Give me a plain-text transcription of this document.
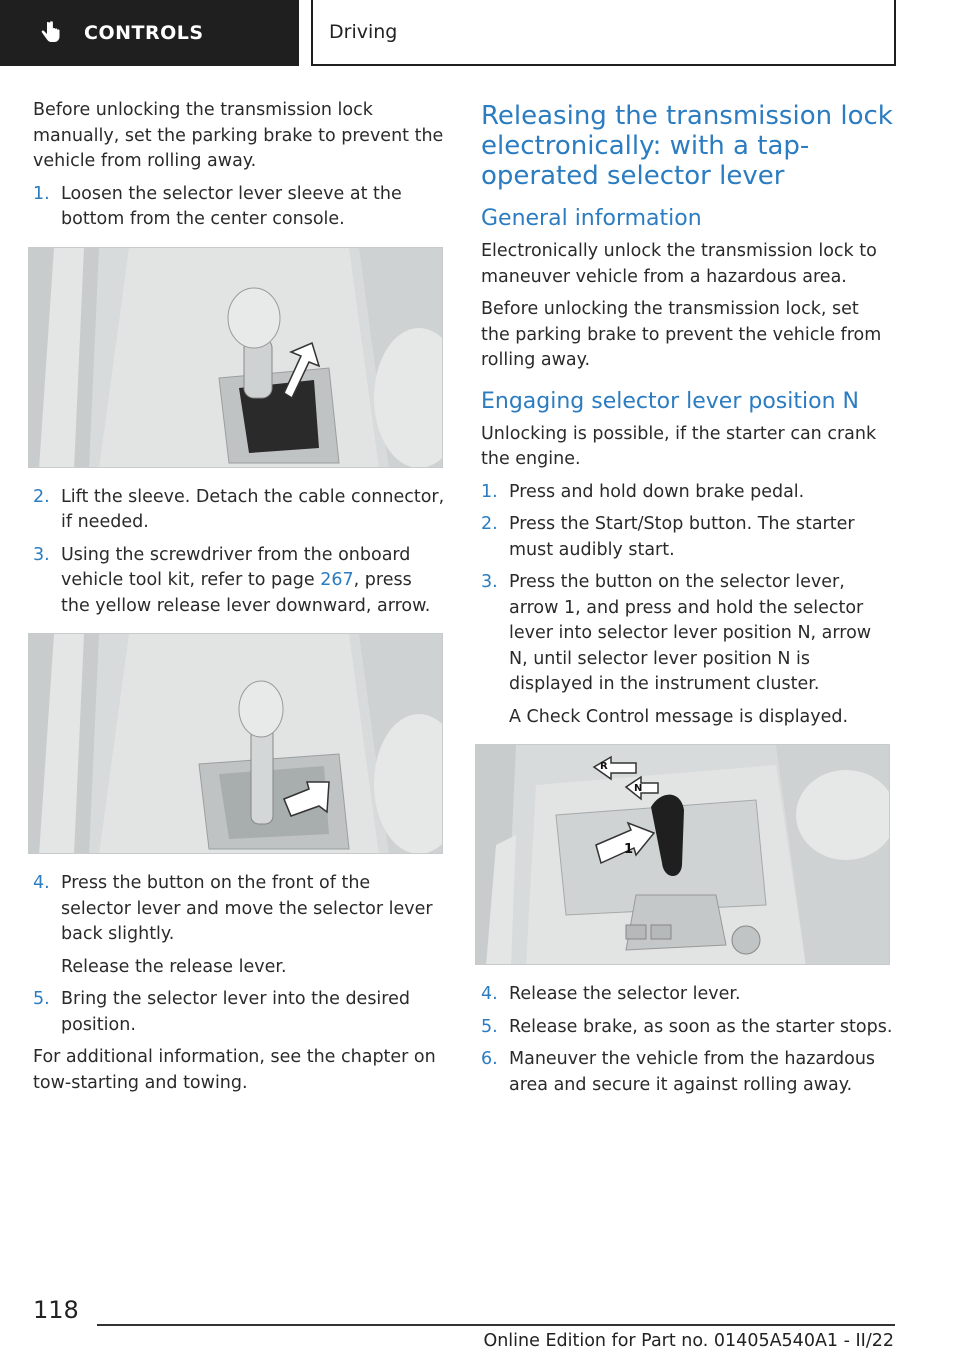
CONTROLS	Driving

Before unlocking the transmission lock manually, set the parking brake to prevent the vehicle from rolling away.

1. Loosen the selector lever sleeve at the bottom from the center console.
2. Lift the sleeve. Detach the cable connector, if needed.
3. Using the screwdriver from the onboard vehicle tool kit, refer to page 267, press the yellow release lever downward, arrow.
4. Press the button on the front of the selector lever and move the selector lever back slightly.

Release the release lever.

5. Bring the selector lever into the desired position.

For additional information, see the chapter on tow-starting and towing.

Releasing the transmission lock electronically: with a tap-operated selector lever
General information

Electronically unlock the transmission lock to maneuver vehicle from a hazardous area.

Before unlocking the transmission lock, set the parking brake to prevent the vehicle from rolling away.

Engaging selector lever position N

Unlocking is possible, if the starter can crank the engine.

1. Press and hold down brake pedal.
2. Press the Start/Stop button. The starter must audibly start.
3. Press the button on the selector lever, arrow 1, and press and hold the selector lever into selector lever position N, arrow N, until selector lever position N is displayed in the instrument cluster.

A Check Control message is displayed.

R
N
1
4. Release the selector lever.
5. Release brake, as soon as the starter stops.
6. Maneuver the vehicle from the hazardous area and secure it against rolling away.
118
Online Edition for Part no. 01405A540A1 - II/22
